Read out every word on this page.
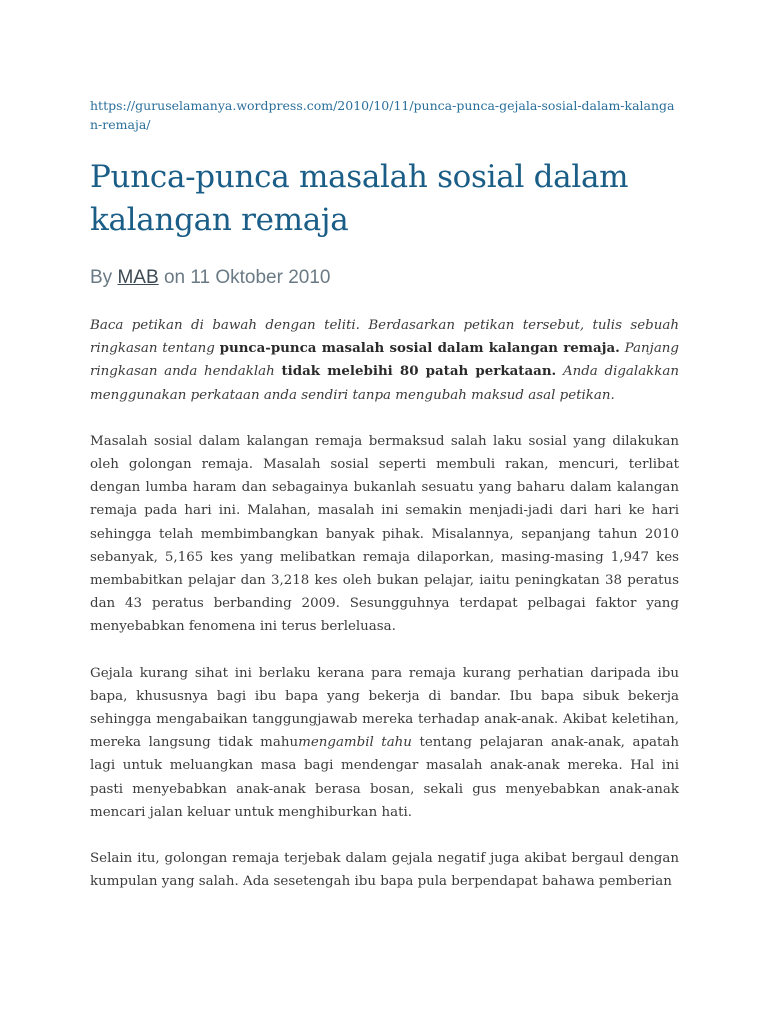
https://guruselamanya.wordpress.com/2010/10/11/punca-punca-gejala-sosial-dalam-kalangan-remaja/
Punca-punca masalah sosial dalam kalangan remaja
By MAB on 11 Oktober 2010

Baca petikan di bawah dengan teliti. Berdasarkan petikan tersebut, tulis sebuah ringkasan tentang punca-punca masalah sosial dalam kalangan remaja. Panjang ringkasan anda hendaklah tidak melebihi 80 patah perkataan. Anda digalakkan menggunakan perkataan anda sendiri tanpa mengubah maksud asal petikan.

Masalah sosial dalam kalangan remaja bermaksud salah laku sosial yang dilakukan oleh golongan remaja. Masalah sosial seperti membuli rakan, mencuri, terlibat dengan lumba haram dan sebagainya bukanlah sesuatu yang baharu dalam kalangan remaja pada hari ini. Malahan, masalah ini semakin menjadi-jadi dari hari ke hari sehingga telah membimbangkan banyak pihak. Misalannya, sepanjang tahun 2010 sebanyak, 5,165 kes yang melibatkan remaja dilaporkan, masing-masing 1,947 kes membabitkan pelajar dan 3,218 kes oleh bukan pelajar, iaitu peningkatan 38 peratus dan 43 peratus berbanding 2009. Sesungguhnya terdapat pelbagai faktor yang menyebabkan fenomena ini terus berleluasa.

Gejala kurang sihat ini berlaku kerana para remaja kurang perhatian daripada ibu bapa, khususnya bagi ibu bapa yang bekerja di bandar. Ibu bapa sibuk bekerja sehingga mengabaikan tanggungjawab mereka terhadap anak-anak. Akibat keletihan, mereka langsung tidak mahumengambil tahu tentang pelajaran anak-anak, apatah lagi untuk meluangkan masa bagi mendengar masalah anak-anak mereka. Hal ini pasti menyebabkan anak-anak berasa bosan, sekali gus menyebabkan anak-anak mencari jalan keluar untuk menghiburkan hati.

Selain itu, golongan remaja terjebak dalam gejala negatif juga akibat bergaul dengan kumpulan yang salah. Ada sesetengah ibu bapa pula berpendapat bahawa pemberian
